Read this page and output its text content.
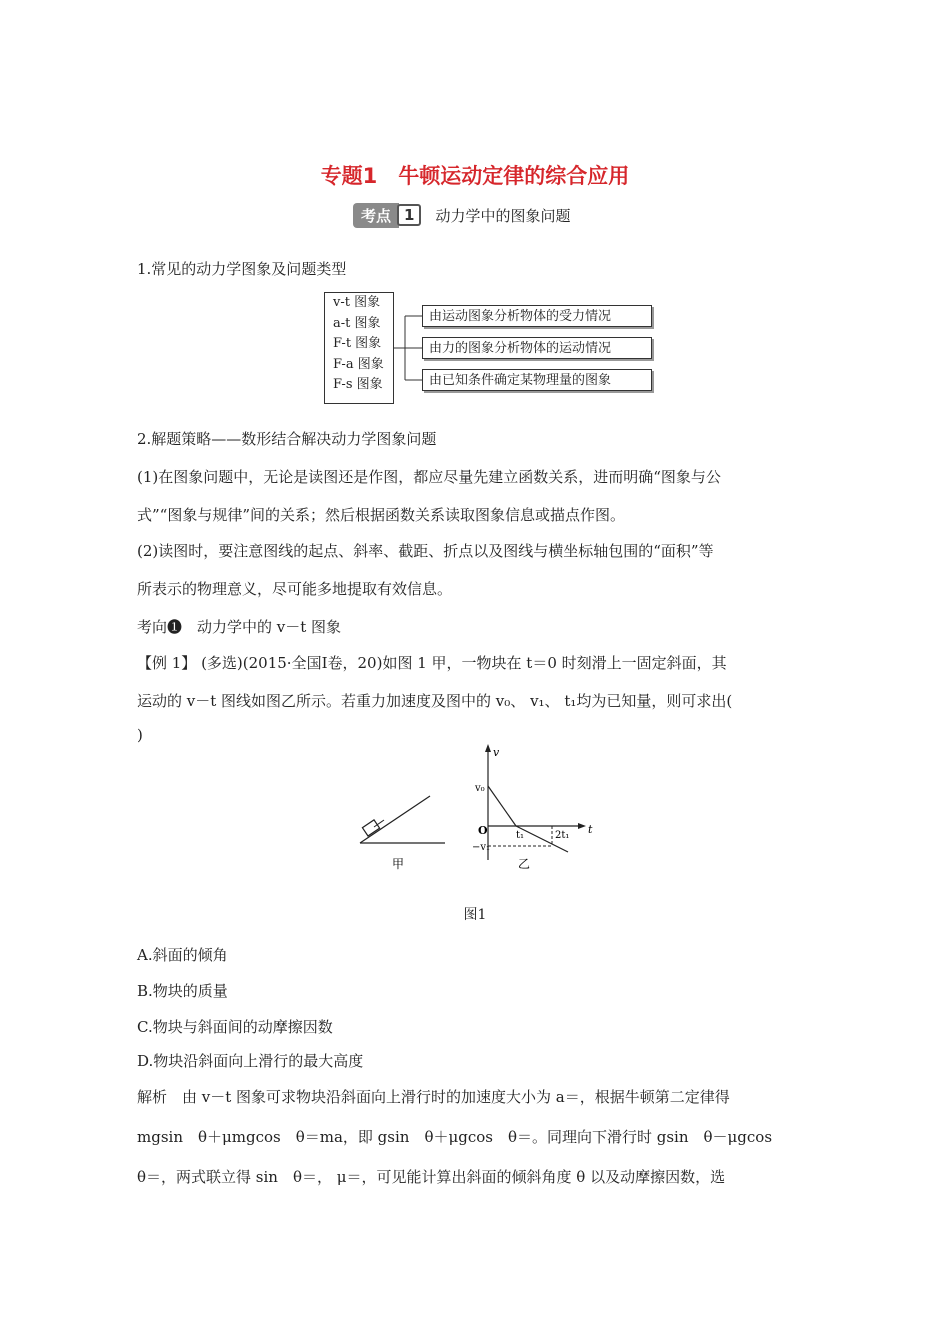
专题1　牛顿运动定律的综合应用
考点 1	动力学中的图象问题
1.常见的动力学图象及问题类型
v-t 图象
a-t 图象
F-t 图象
F-a 图象
F-s 图象
由运动图象分析物体的受力情况
由力的图象分析物体的运动情况
由已知条件确定某物理量的图象
2.解题策略——数形结合解决动力学图象问题
(1)在图象问题中，无论是读图还是作图，都应尽量先建立函数关系，进而明确“图象与公
式”“图象与规律”间的关系；然后根据函数关系读取图象信息或描点作图。
(2)读图时，要注意图线的起点、斜率、截距、折点以及图线与横坐标轴包围的“面积”等
所表示的物理意义，尽可能多地提取有效信息。
考向❶　动力学中的 v－t 图象
【例 1】 (多选)(2015·全国Ⅰ卷，20)如图 1 甲，一物块在 t＝0 时刻滑上一固定斜面，其
运动的 v－t 图线如图乙所示。若重力加速度及图中的 v₀、 v₁、 t₁均为已知量，则可求出(
)
甲
v
t
O
v₀
−v₁
t₁	2t₁
乙
图1
A.斜面的倾角
B.物块的质量
C.物块与斜面间的动摩擦因数
D.物块沿斜面向上滑行的最大高度
解析　由 v－t 图象可求物块沿斜面向上滑行时的加速度大小为 a＝，根据牛顿第二定律得
mgsin　θ＋μmgcos　θ＝ma，即 gsin　θ＋μgcos　θ＝。同理向下滑行时 gsin　θ－μgcos
θ＝，两式联立得 sin　θ＝， μ＝，可见能计算出斜面的倾斜角度 θ 以及动摩擦因数，选
